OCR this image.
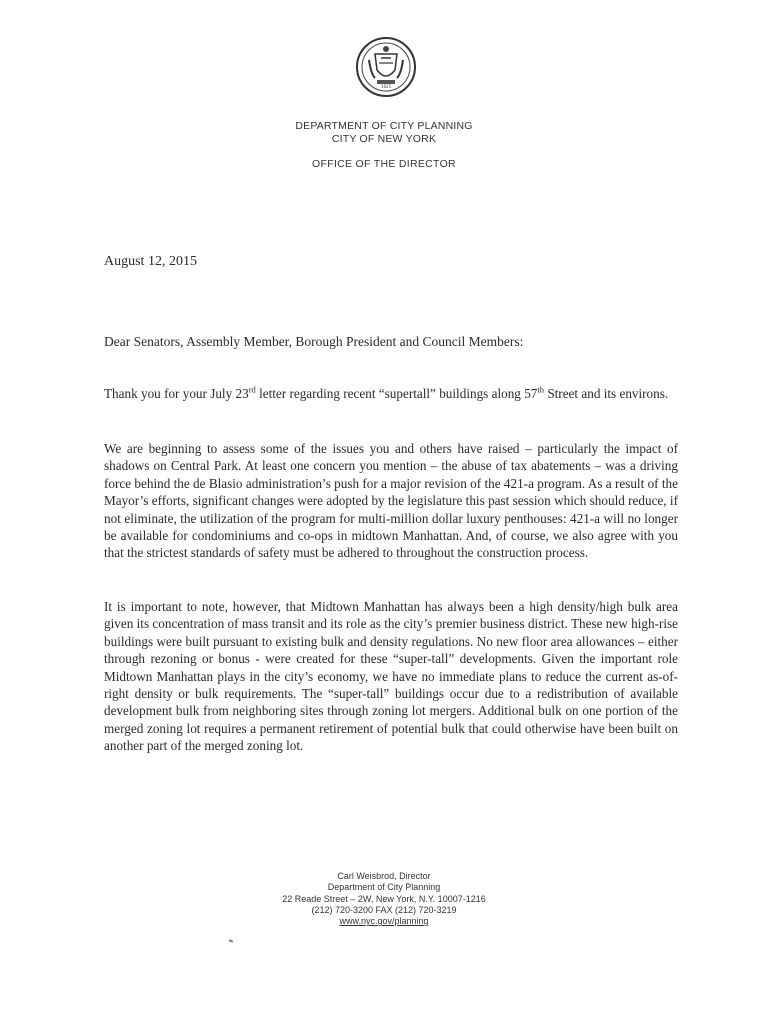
1625
DEPARTMENT OF CITY PLANNING
CITY OF NEW YORK
OFFICE OF THE DIRECTOR
August 12, 2015
Dear Senators, Assembly Member, Borough President and Council Members:
Thank you for your July 23rd letter regarding recent “supertall” buildings along 57th Street and its environs.
We are beginning to assess some of the issues you and others have raised – particularly the impact of shadows on Central Park. At least one concern you mention – the abuse of tax abatements – was a driving force behind the de Blasio administration’s push for a major revision of the 421-a program. As a result of the Mayor’s efforts, significant changes were adopted by the legislature this past session which should reduce, if not eliminate, the utilization of the program for multi-million dollar luxury penthouses: 421-a will no longer be available for condominiums and co-ops in midtown Manhattan. And, of course, we also agree with you that the strictest standards of safety must be adhered to throughout the construction process.
It is important to note, however, that Midtown Manhattan has always been a high density/high bulk area given its concentration of mass transit and its role as the city’s premier business district. These new high-rise buildings were built pursuant to existing bulk and density regulations. No new floor area allowances – either through rezoning or bonus - were created for these “super-tall” developments. Given the important role Midtown Manhattan plays in the city’s economy, we have no immediate plans to reduce the current as-of-right density or bulk requirements. The “super-tall” buildings occur due to a redistribution of available development bulk from neighboring sites through zoning lot mergers. Additional bulk on one portion of the merged zoning lot requires a permanent retirement of potential bulk that could otherwise have been built on another part of the merged zoning lot.
Carl Weisbrod, Director
Department of City Planning
22 Reade Street – 2W, New York, N.Y. 10007-1216
(212) 720-3200 FAX (212) 720-3219
www.nyc.gov/planning
